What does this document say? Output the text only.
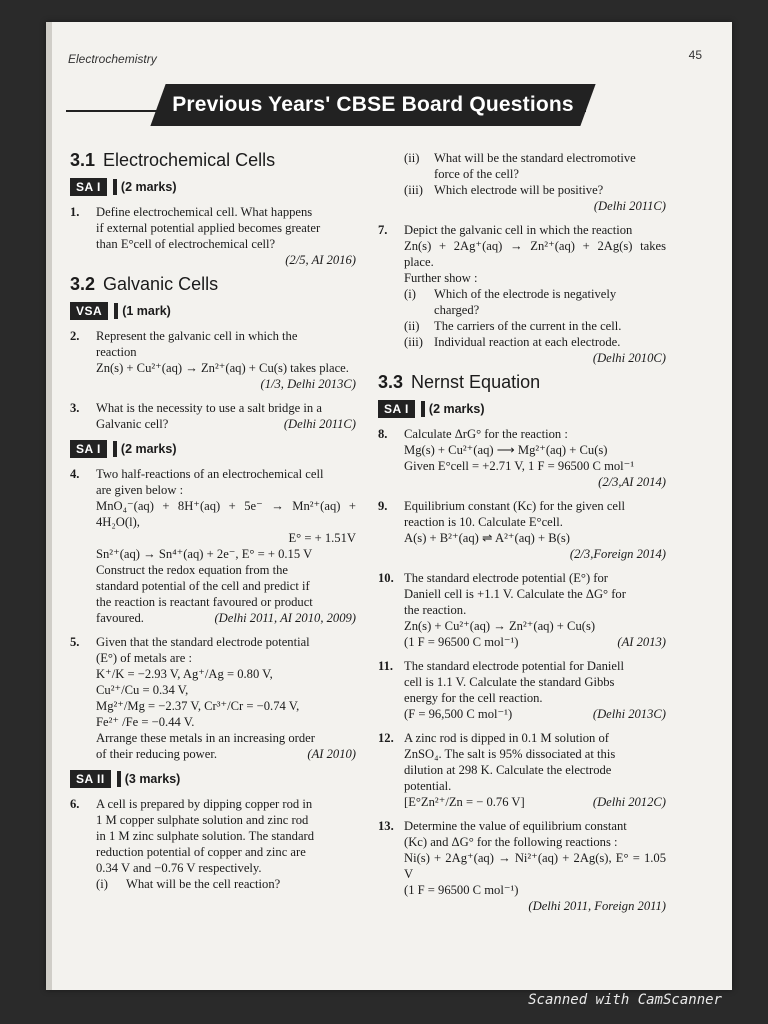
Electrochemistry	45
Previous Years' CBSE Board Questions
3.1 Electrochemical Cells
SA I	(2 marks)
1.	Define electrochemical cell. What happens
if external potential applied becomes greater
than E°cell of electrochemical cell?
(2/5, AI 2016)
3.2 Galvanic Cells
VSA	(1 mark)
2.	Represent the galvanic cell in which the
reaction
Zn(s) + Cu²⁺(aq) → Zn²⁺(aq) + Cu(s) takes place.
(1/3, Delhi 2013C)
3.	What is the necessity to use a salt bridge in a
Galvanic cell?	(Delhi 2011C)
SA I	(2 marks)
4.	Two half-reactions of an electrochemical cell
are given below :
MnO₄⁻(aq) + 8H⁺(aq) + 5e⁻ → Mn²⁺(aq) + 4H₂O(l),
E° = + 1.51V
Sn²⁺(aq) → Sn⁴⁺(aq) + 2e⁻, E° = + 0.15 V
Construct the redox equation from the
standard potential of the cell and predict if
the reaction is reactant favoured or product
favoured.	(Delhi 2011, AI 2010, 2009)
5.	Given that the standard electrode potential
(E°) of metals are :
K⁺/K = −2.93 V, Ag⁺/Ag = 0.80 V,
Cu²⁺/Cu = 0.34 V,
Mg²⁺/Mg = −2.37 V, Cr³⁺/Cr = −0.74 V,
Fe²⁺ /Fe = −0.44 V.
Arrange these metals in an increasing order
of their reducing power.	(AI 2010)
SA II	(3 marks)
6.	A cell is prepared by dipping copper rod in
1 M copper sulphate solution and zinc rod
in 1 M zinc sulphate solution. The standard
reduction potential of copper and zinc are
0.34 V and −0.76 V respectively.
(i)	What will be the cell reaction?
(ii)	What will be the standard electromotive
force of the cell?
(iii) Which electrode will be positive?
(Delhi 2011C)
7.	Depict the galvanic cell in which the reaction
Zn(s) + 2Ag⁺(aq) → Zn²⁺(aq) + 2Ag(s) takes place.
Further show :
(i)	Which of the electrode is negatively
charged?
(ii)	The carriers of the current in the cell.
(iii) Individual reaction at each electrode.
(Delhi 2010C)
3.3 Nernst Equation
SA I	(2 marks)
8.	Calculate ΔrG° for the reaction :
Mg(s) + Cu²⁺(aq) ⟶ Mg²⁺(aq) + Cu(s)
Given E°cell = +2.71 V, 1 F = 96500 C mol⁻¹
(2/3,AI 2014)
9.	Equilibrium constant (Kc) for the given cell
reaction is 10. Calculate E°cell.
A(s) + B²⁺(aq) ⇌ A²⁺(aq) + B(s)
(2/3,Foreign 2014)
10. The standard electrode potential (E°) for
Daniell cell is +1.1 V. Calculate the ΔG° for
the reaction.
Zn(s) + Cu²⁺(aq) → Zn²⁺(aq) + Cu(s)
(1 F = 96500 C mol⁻¹)	(AI 2013)
11. The standard electrode potential for Daniell
cell is 1.1 V. Calculate the standard Gibbs
energy for the cell reaction.
(F = 96,500 C mol⁻¹)	(Delhi 2013C)
12. A zinc rod is dipped in 0.1 M solution of
ZnSO₄. The salt is 95% dissociated at this
dilution at 298 K. Calculate the electrode
potential.
[E°Zn²⁺/Zn = − 0.76 V]	(Delhi 2012C)
13. Determine the value of equilibrium constant
(Kc) and ΔG° for the following reactions :
Ni(s) + 2Ag⁺(aq) → Ni²⁺(aq) + 2Ag(s), E° = 1.05 V
(1 F = 96500 C mol⁻¹)
(Delhi 2011, Foreign 2011)
Scanned with CamScanner
